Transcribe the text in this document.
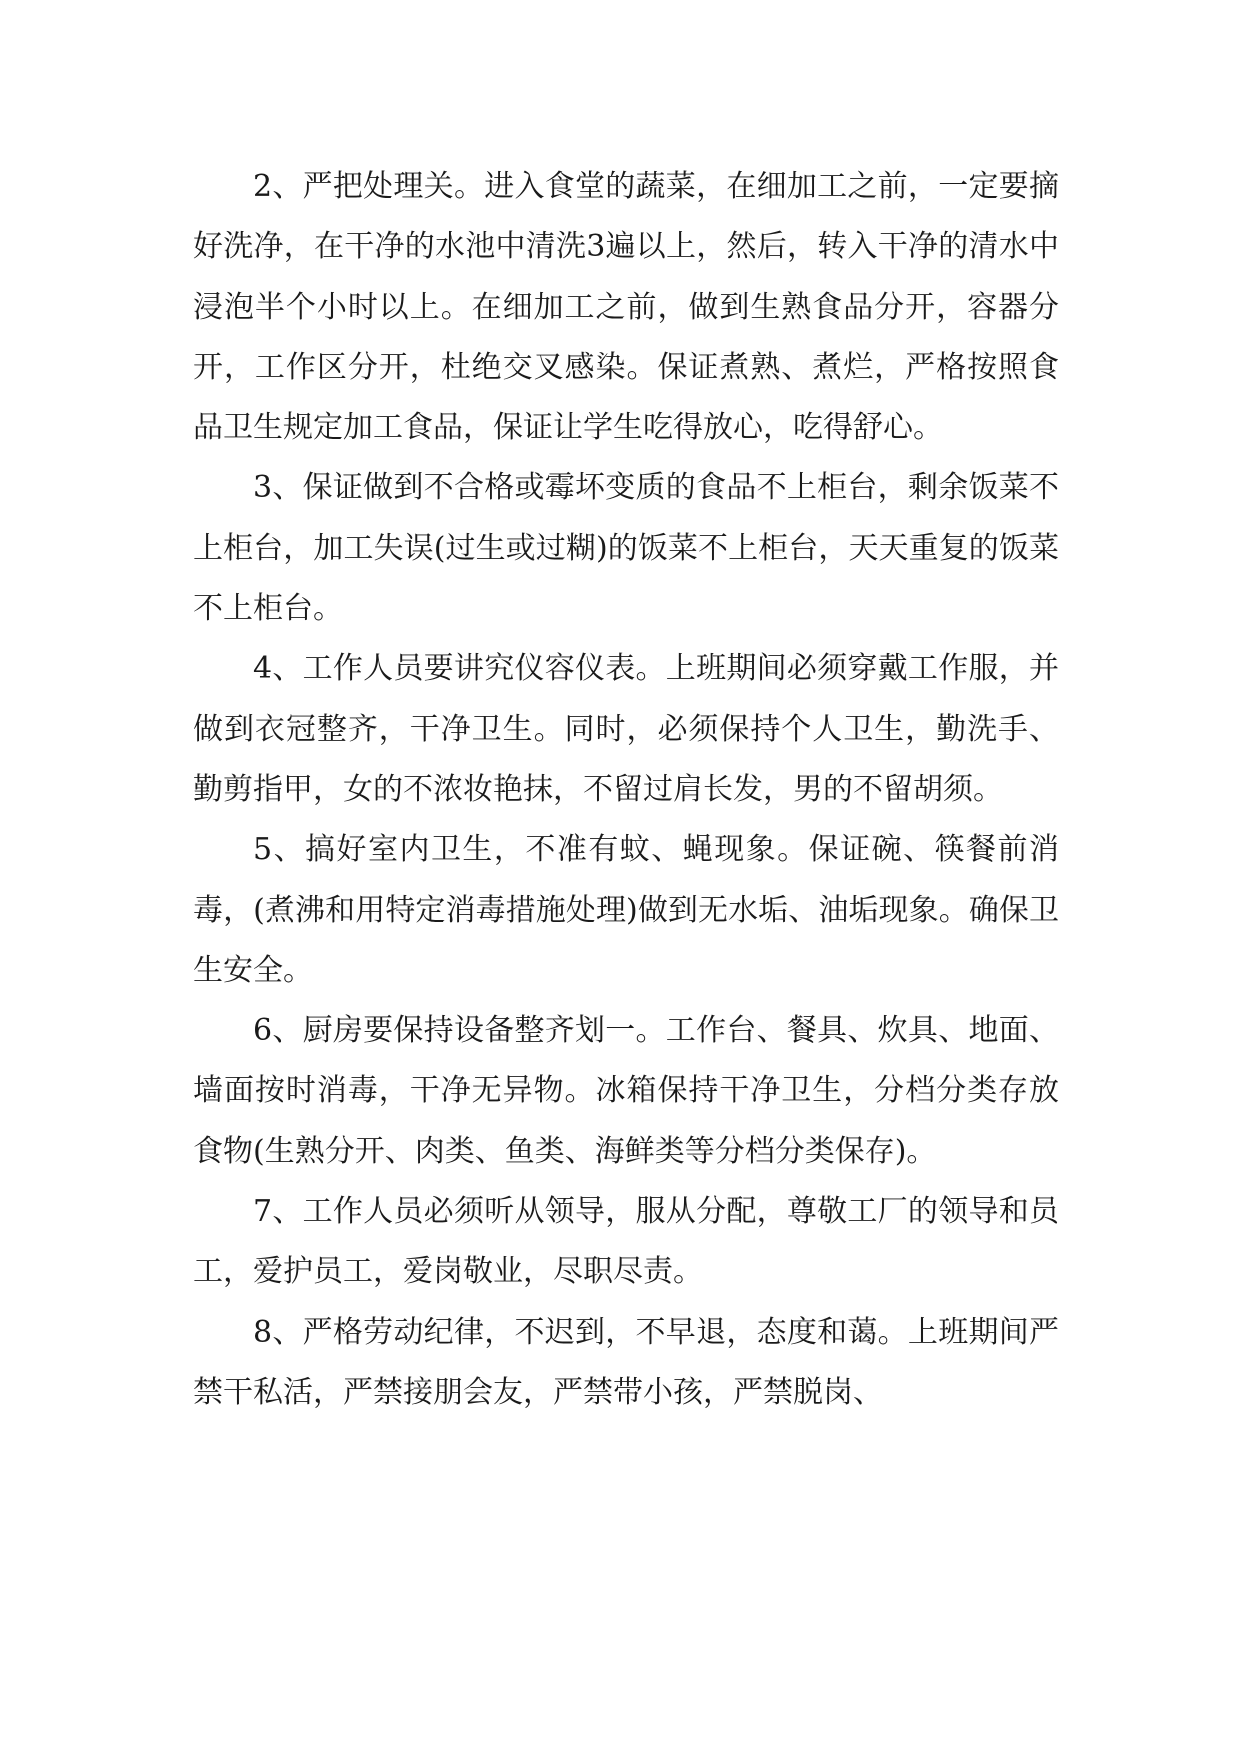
2、严把处理关。进入食堂的蔬菜，在细加工之前，一定要摘好洗净，在干净的水池中清洗3遍以上，然后，转入干净的清水中浸泡半个小时以上。在细加工之前，做到生熟食品分开，容器分开，工作区分开，杜绝交叉感染。保证煮熟、煮烂，严格按照食品卫生规定加工食品，保证让学生吃得放心，吃得舒心。

3、保证做到不合格或霉坏变质的食品不上柜台，剩余饭菜不上柜台，加工失误(过生或过糊)的饭菜不上柜台，天天重复的饭菜不上柜台。

4、工作人员要讲究仪容仪表。上班期间必须穿戴工作服，并做到衣冠整齐，干净卫生。同时，必须保持个人卫生，勤洗手、勤剪指甲，女的不浓妆艳抹，不留过肩长发，男的不留胡须。

5、搞好室内卫生，不准有蚊、蝇现象。保证碗、筷餐前消毒，(煮沸和用特定消毒措施处理)做到无水垢、油垢现象。确保卫生安全。

6、厨房要保持设备整齐划一。工作台、餐具、炊具、地面、墙面按时消毒，干净无异物。冰箱保持干净卫生，分档分类存放食物(生熟分开、肉类、鱼类、海鲜类等分档分类保存)。

7、工作人员必须听从领导，服从分配，尊敬工厂的领导和员工，爱护员工，爱岗敬业，尽职尽责。

8、严格劳动纪律，不迟到，不早退，态度和蔼。上班期间严禁干私活，严禁接朋会友，严禁带小孩，严禁脱岗、
